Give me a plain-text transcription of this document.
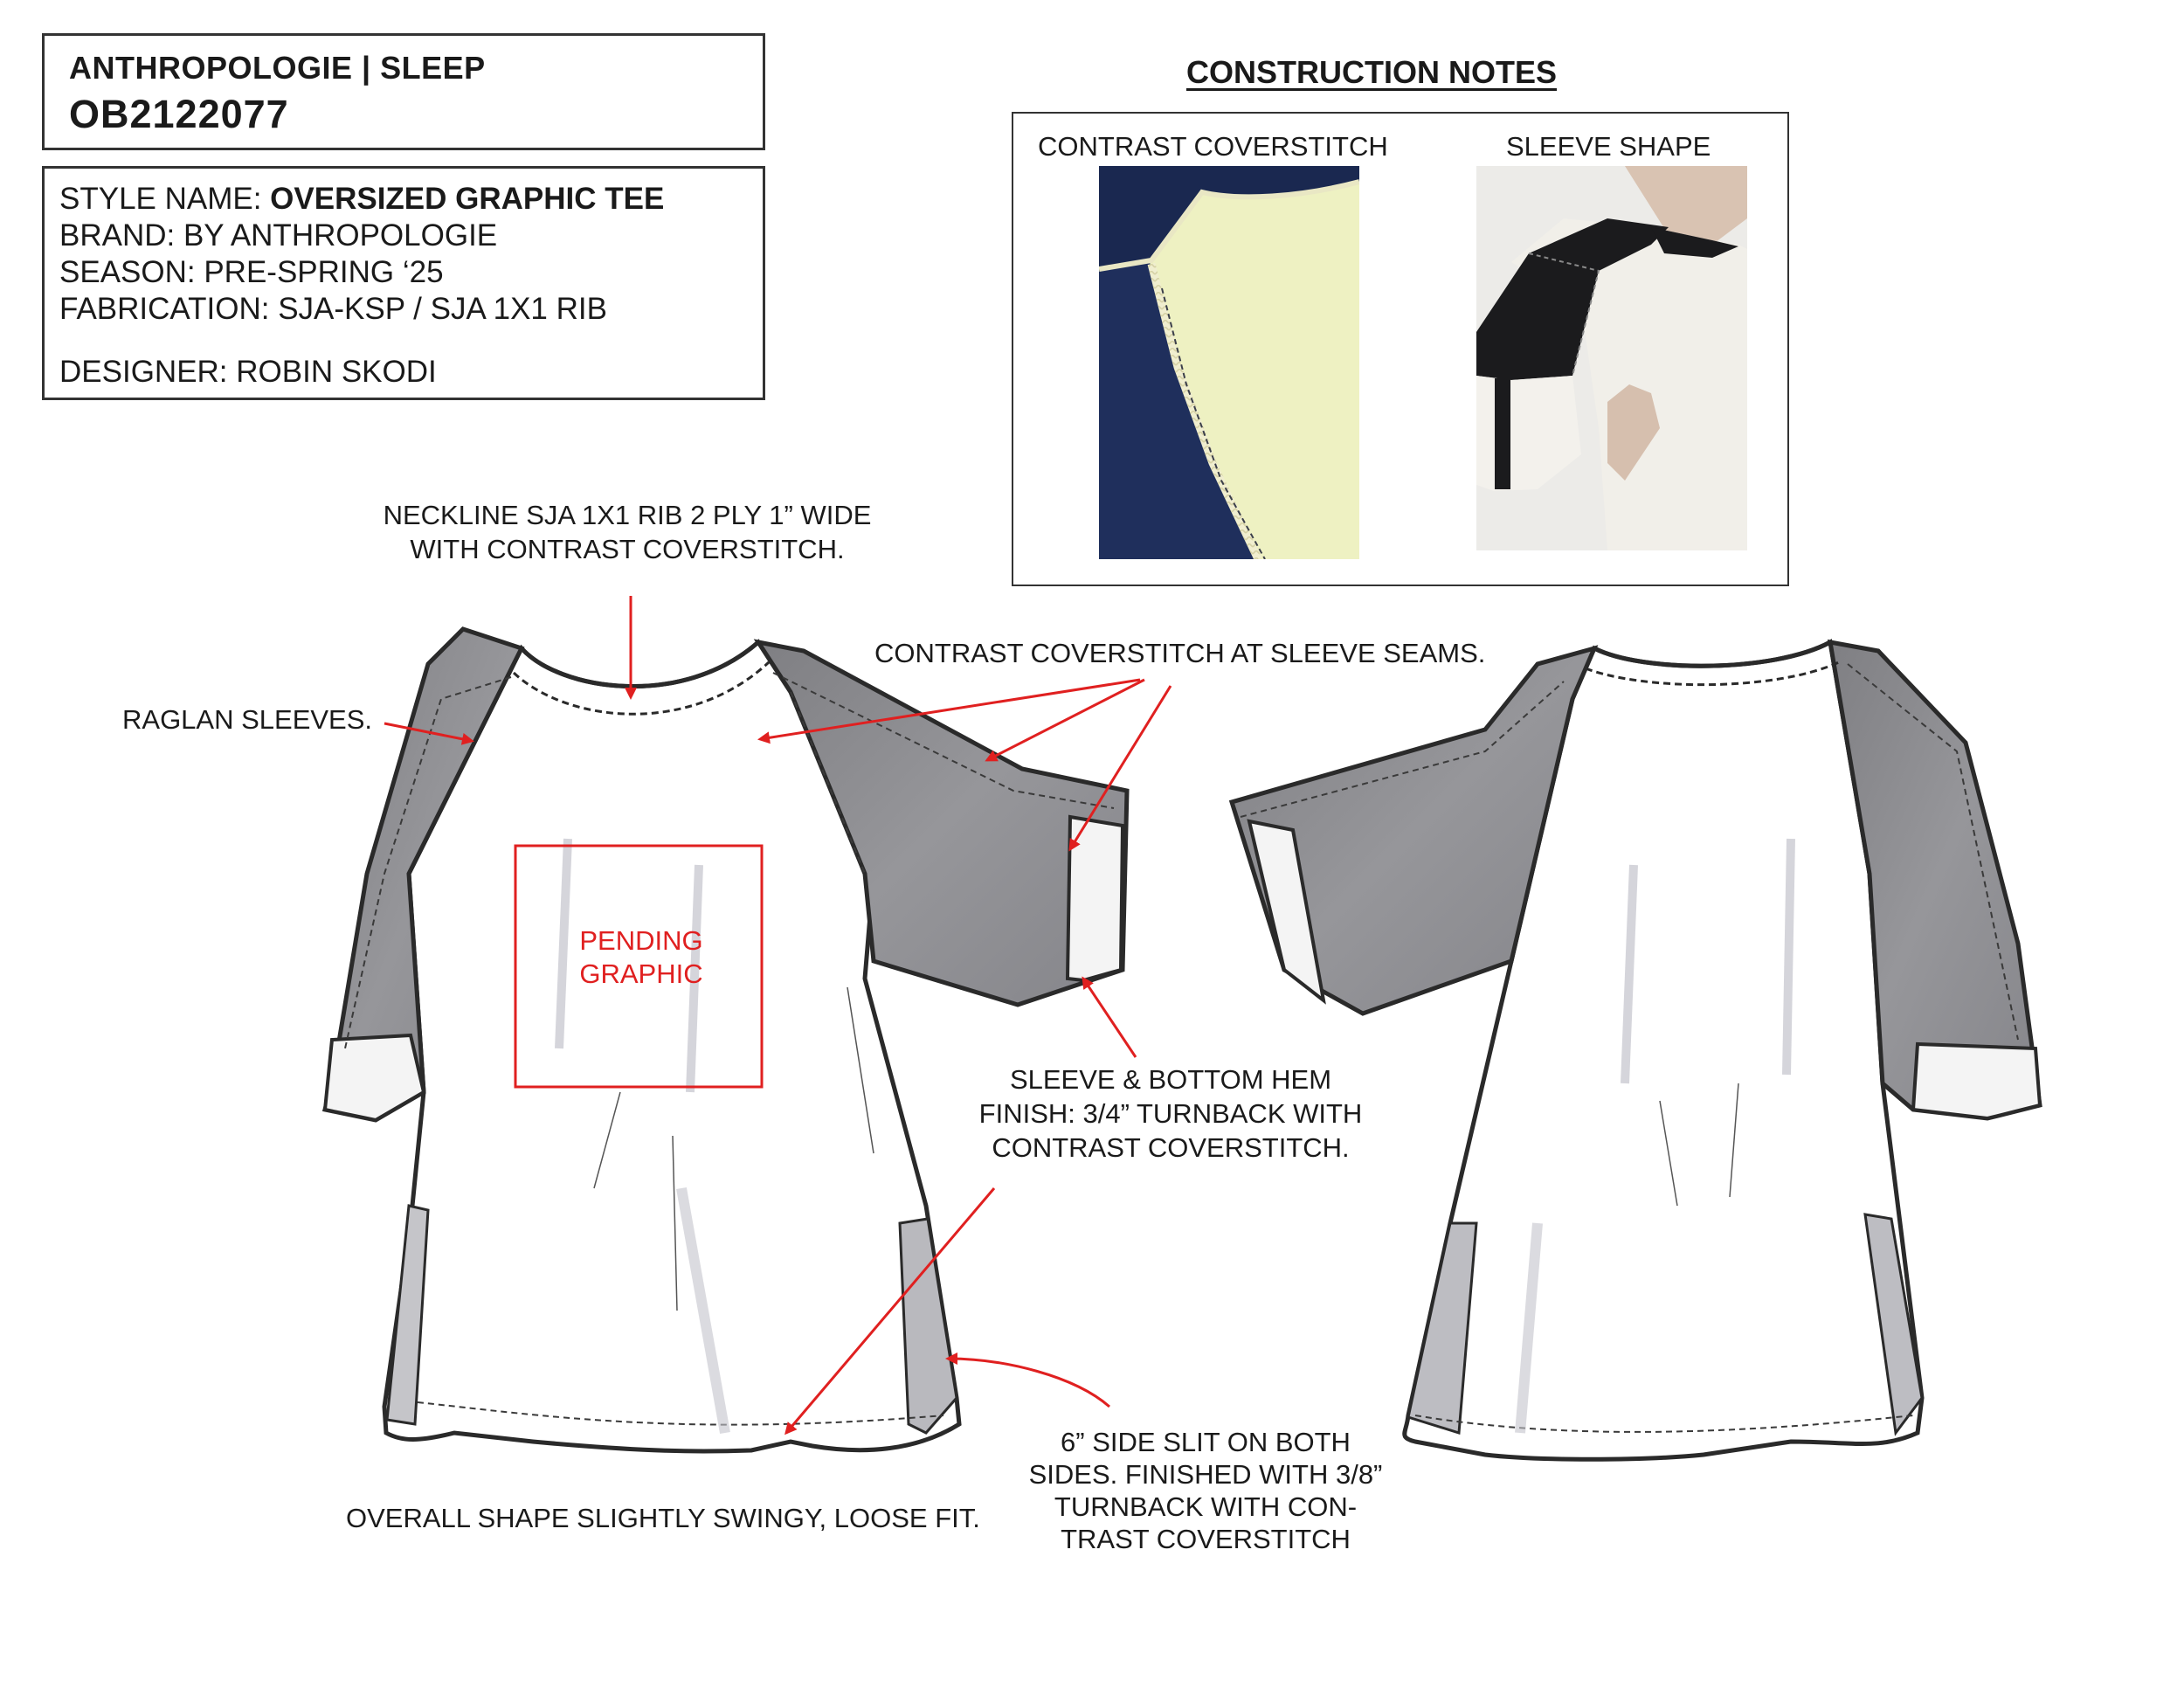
ANTHROPOLOGIE | SLEEP
OB2122077
STYLE NAME: OVERSIZED GRAPHIC TEE
BRAND: BY ANTHROPOLOGIE
SEASON: PRE-SPRING ‘25
FABRICATION: SJA-KSP / SJA 1X1 RIB
DESIGNER: ROBIN SKODI
CONSTRUCTION NOTES
CONTRAST COVERSTITCH	SLEEVE SHAPE
PENDING
GRAPHIC
NECKLINE SJA 1X1 RIB 2 PLY 1” WIDE
WITH CONTRAST COVERSTITCH.
RAGLAN SLEEVES.
CONTRAST COVERSTITCH AT SLEEVE SEAMS.
SLEEVE & BOTTOM HEM
FINISH: 3/4” TURNBACK WITH
CONTRAST COVERSTITCH.
6” SIDE SLIT ON BOTH
SIDES. FINISHED WITH 3/8”
TURNBACK WITH CON-
TRAST COVERSTITCH
OVERALL SHAPE SLIGHTLY SWINGY, LOOSE FIT.
